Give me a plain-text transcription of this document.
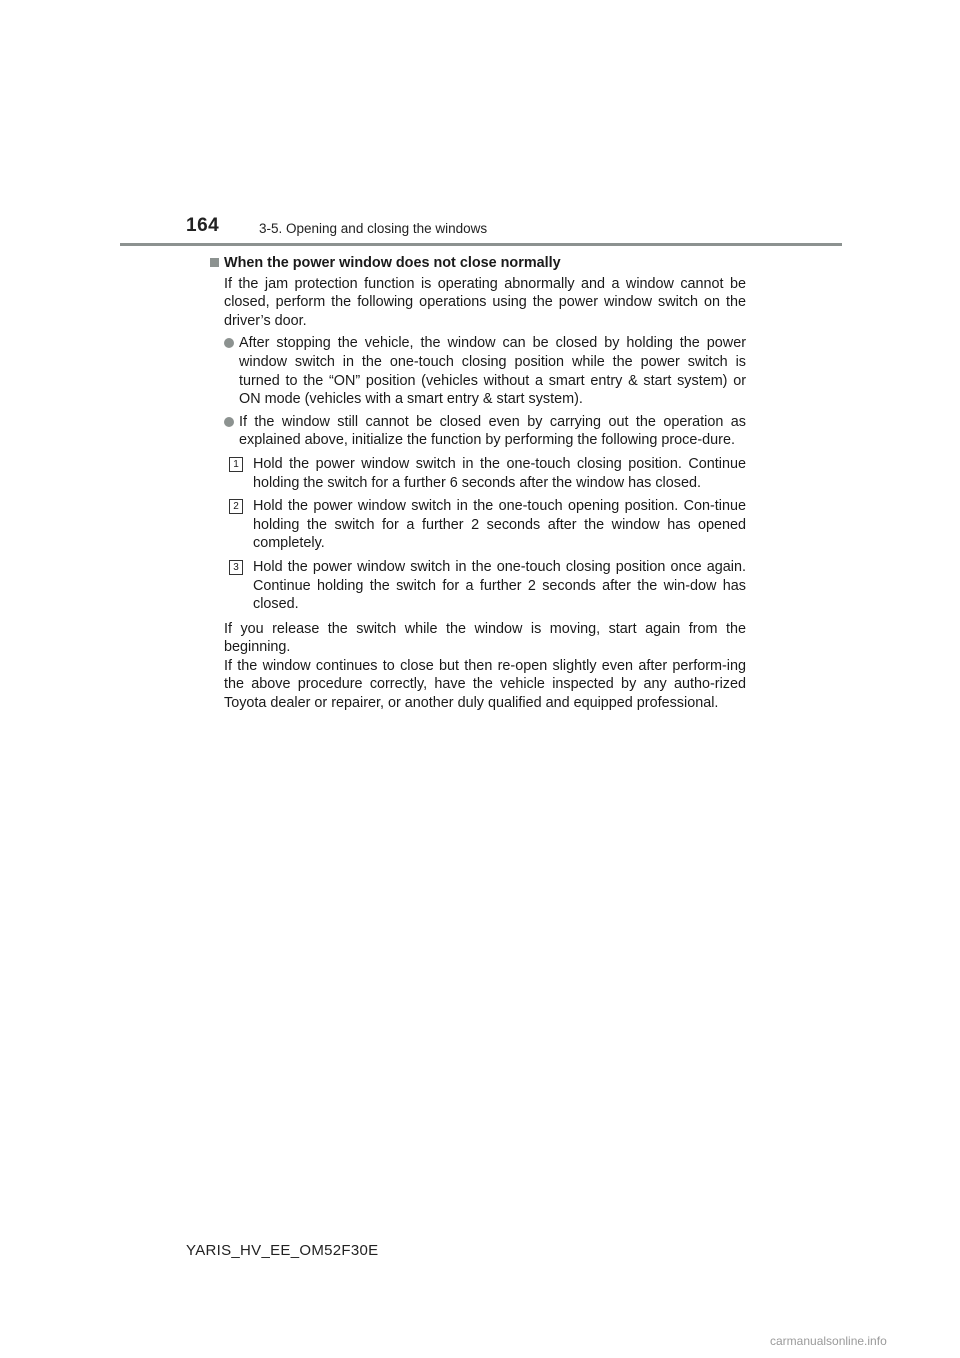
164	3-5. Opening and closing the windows
When the power window does not close normally

If the jam protection function is operating abnormally and a window cannot be closed, perform the following operations using the power window switch on the driver’s door.

After stopping the vehicle, the window can be closed by holding the power window switch in the one-touch closing position while the power switch is turned to the “ON” position (vehicles without a smart entry & start system) or ON mode (vehicles with a smart entry & start system).
If the window still cannot be closed even by carrying out the operation as explained above, initialize the function by performing the following proce-dure.
1 Hold the power window switch in the one-touch closing position. Continue holding the switch for a further 6 seconds after the window has closed.
2 Hold the power window switch in the one-touch opening position. Con-tinue holding the switch for a further 2 seconds after the window has opened completely.
3 Hold the power window switch in the one-touch closing position once again. Continue holding the switch for a further 2 seconds after the win-dow has closed.

If you release the switch while the window is moving, start again from the beginning.

If the window continues to close but then re-open slightly even after perform-ing the above procedure correctly, have the vehicle inspected by any autho-rized Toyota dealer or repairer, or another duly qualified and equipped professional.

YARIS_HV_EE_OM52F30E
carmanualsonline.info
